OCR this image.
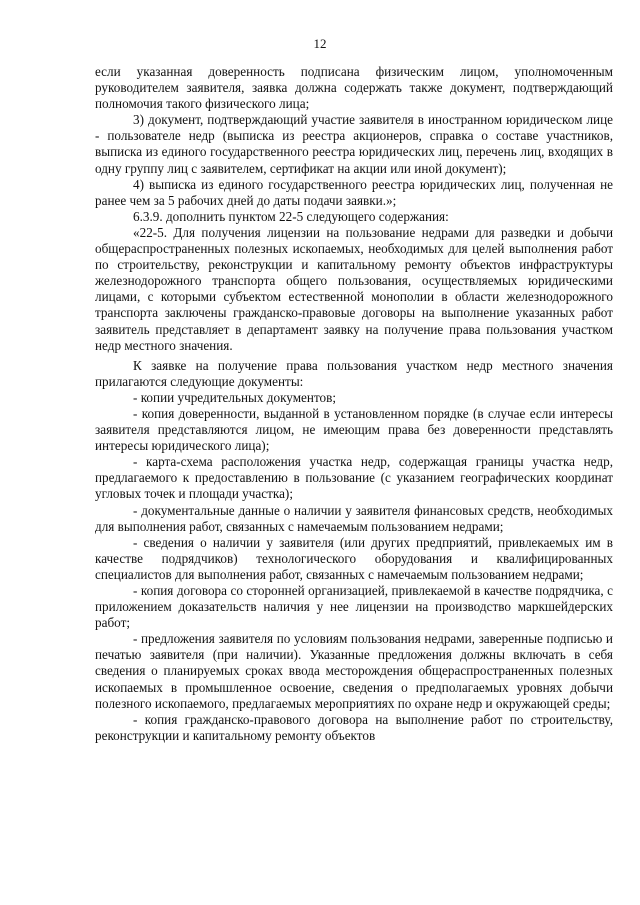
12

если указанная доверенность подписана физическим лицом, уполномоченным руководителем заявителя, заявка должна содержать также документ, подтверждающий полномочия такого физического лица;

3) документ, подтверждающий участие заявителя в иностранном юридическом лице - пользователе недр (выписка из реестра акционеров, справка о составе участников, выписка из единого государственного реестра юридических лиц, перечень лиц, входящих в одну группу лиц с заявителем, сертификат на акции или иной документ);

4) выписка из единого государственного реестра юридических лиц, полученная не ранее чем за 5 рабочих дней до даты подачи заявки.»;

6.3.9. дополнить пунктом 22-5 следующего содержания:

«22-5. Для получения лицензии на пользование недрами для разведки и добычи общераспространенных полезных ископаемых, необходимых для целей выполнения работ по строительству, реконструкции и капитальному ремонту объектов инфраструктуры железнодорожного транспорта общего пользования, осуществляемых юридическими лицами, с которыми субъектом естественной монополии в области железнодорожного транспорта заключены гражданско-правовые договоры на выполнение указанных работ заявитель представляет в департамент заявку на получение права пользования участком недр местного значения.

К заявке на получение права пользования участком недр местного значения прилагаются следующие документы:

- копии учредительных документов;

- копия доверенности, выданной в установленном порядке (в случае если интересы заявителя представляются лицом, не имеющим права без доверенности представлять интересы юридического лица);

- карта-схема расположения участка недр, содержащая границы участка недр, предлагаемого к предоставлению в пользование (с указанием географических координат угловых точек и площади участка);

- документальные данные о наличии у заявителя финансовых средств, необходимых для выполнения работ, связанных с намечаемым пользованием недрами;

- сведения о наличии у заявителя (или других предприятий, привлекаемых им в качестве подрядчиков) технологического оборудования и квалифицированных специалистов для выполнения работ, связанных с намечаемым пользованием недрами;

- копия договора со сторонней организацией, привлекаемой в качестве подрядчика, с приложением доказательств наличия у нее лицензии на производство маркшейдерских работ;

- предложения заявителя по условиям пользования недрами, заверенные подписью и печатью заявителя (при наличии). Указанные предложения должны включать в себя сведения о планируемых сроках ввода месторождения общераспространенных полезных ископаемых в промышленное освоение, сведения о предполагаемых уровнях добычи полезного ископаемого, предлагаемых мероприятиях по охране недр и окружающей среды;

- копия гражданско-правового договора на выполнение работ по строительству, реконструкции и капитальному ремонту объектов
